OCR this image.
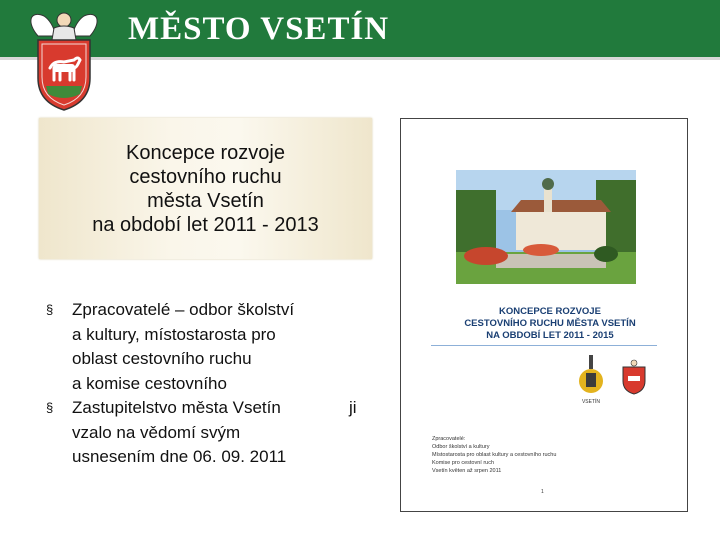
MĚSTO VSETÍN
Koncepce rozvoje
cestovního ruchu
města Vsetín
na období let 2011 - 2013
§ Zpracovatelé – odbor školství
a kultury, místostarosta pro
oblast cestovního ruchu
a komise cestovního
§ Zastupitelstvo města Vsetín
vzalo na vědomí svým
usnesením dne 06. 09. 2011
ji
KONCEPCE ROZVOJE
CESTOVNÍHO RUCHU MĚSTA VSETÍN
NA OBDOBÍ LET 2011 - 2015
VSETÍN
Zpracovatelé:
Odbor školství a kultury
Místostarosta pro oblast kultury a cestovního ruchu
Komise pro cestovní ruch
Vsetín květen až srpen 2011
1
